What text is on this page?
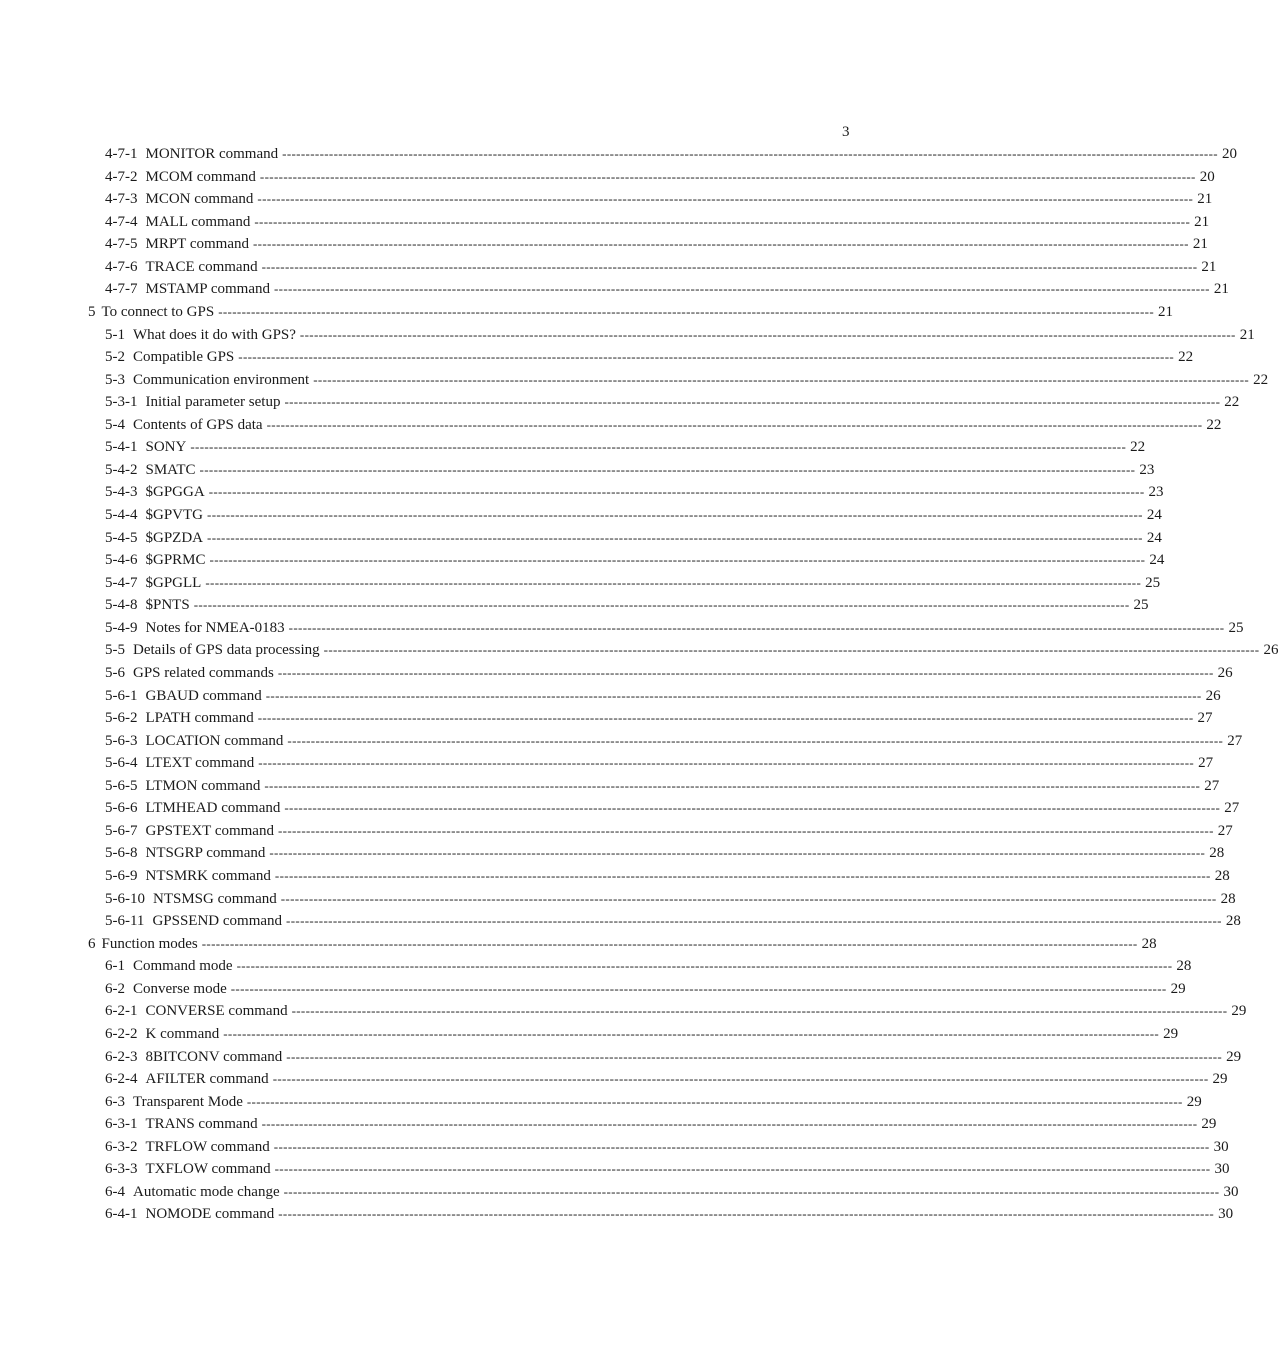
3
4-7-1 MONITOR command -------------------------------------------------------------------------------------------------------------------------------------------------------------------------------------------------------- 20
4-7-2 MCOM command -------------------------------------------------------------------------------------------------------------------------------------------------------------------------------------------------------- 20
4-7-3 MCON command -------------------------------------------------------------------------------------------------------------------------------------------------------------------------------------------------------- 21
4-7-4 MALL command -------------------------------------------------------------------------------------------------------------------------------------------------------------------------------------------------------- 21
4-7-5 MRPT command -------------------------------------------------------------------------------------------------------------------------------------------------------------------------------------------------------- 21
4-7-6 TRACE command -------------------------------------------------------------------------------------------------------------------------------------------------------------------------------------------------------- 21
4-7-7 MSTAMP command -------------------------------------------------------------------------------------------------------------------------------------------------------------------------------------------------------- 21
5 To connect to GPS -------------------------------------------------------------------------------------------------------------------------------------------------------------------------------------------------------- 21
5-1 What does it do with GPS? -------------------------------------------------------------------------------------------------------------------------------------------------------------------------------------------------------- 21
5-2 Compatible GPS -------------------------------------------------------------------------------------------------------------------------------------------------------------------------------------------------------- 22
5-3 Communication environment -------------------------------------------------------------------------------------------------------------------------------------------------------------------------------------------------------- 22
5-3-1 Initial parameter setup -------------------------------------------------------------------------------------------------------------------------------------------------------------------------------------------------------- 22
5-4 Contents of GPS data -------------------------------------------------------------------------------------------------------------------------------------------------------------------------------------------------------- 22
5-4-1 SONY -------------------------------------------------------------------------------------------------------------------------------------------------------------------------------------------------------- 22
5-4-2 SMATC -------------------------------------------------------------------------------------------------------------------------------------------------------------------------------------------------------- 23
5-4-3 $GPGGA -------------------------------------------------------------------------------------------------------------------------------------------------------------------------------------------------------- 23
5-4-4 $GPVTG -------------------------------------------------------------------------------------------------------------------------------------------------------------------------------------------------------- 24
5-4-5 $GPZDA -------------------------------------------------------------------------------------------------------------------------------------------------------------------------------------------------------- 24
5-4-6 $GPRMC -------------------------------------------------------------------------------------------------------------------------------------------------------------------------------------------------------- 24
5-4-7 $GPGLL -------------------------------------------------------------------------------------------------------------------------------------------------------------------------------------------------------- 25
5-4-8 $PNTS -------------------------------------------------------------------------------------------------------------------------------------------------------------------------------------------------------- 25
5-4-9 Notes for NMEA-0183 -------------------------------------------------------------------------------------------------------------------------------------------------------------------------------------------------------- 25
5-5 Details of GPS data processing -------------------------------------------------------------------------------------------------------------------------------------------------------------------------------------------------------- 26
5-6 GPS related commands -------------------------------------------------------------------------------------------------------------------------------------------------------------------------------------------------------- 26
5-6-1 GBAUD command -------------------------------------------------------------------------------------------------------------------------------------------------------------------------------------------------------- 26
5-6-2 LPATH command -------------------------------------------------------------------------------------------------------------------------------------------------------------------------------------------------------- 27
5-6-3 LOCATION command -------------------------------------------------------------------------------------------------------------------------------------------------------------------------------------------------------- 27
5-6-4 LTEXT command -------------------------------------------------------------------------------------------------------------------------------------------------------------------------------------------------------- 27
5-6-5 LTMON command -------------------------------------------------------------------------------------------------------------------------------------------------------------------------------------------------------- 27
5-6-6 LTMHEAD command -------------------------------------------------------------------------------------------------------------------------------------------------------------------------------------------------------- 27
5-6-7 GPSTEXT command -------------------------------------------------------------------------------------------------------------------------------------------------------------------------------------------------------- 27
5-6-8 NTSGRP command -------------------------------------------------------------------------------------------------------------------------------------------------------------------------------------------------------- 28
5-6-9 NTSMRK command -------------------------------------------------------------------------------------------------------------------------------------------------------------------------------------------------------- 28
5-6-10 NTSMSG command -------------------------------------------------------------------------------------------------------------------------------------------------------------------------------------------------------- 28
5-6-11 GPSSEND command -------------------------------------------------------------------------------------------------------------------------------------------------------------------------------------------------------- 28
6 Function modes -------------------------------------------------------------------------------------------------------------------------------------------------------------------------------------------------------- 28
6-1 Command mode -------------------------------------------------------------------------------------------------------------------------------------------------------------------------------------------------------- 28
6-2 Converse mode -------------------------------------------------------------------------------------------------------------------------------------------------------------------------------------------------------- 29
6-2-1 CONVERSE command -------------------------------------------------------------------------------------------------------------------------------------------------------------------------------------------------------- 29
6-2-2 K command -------------------------------------------------------------------------------------------------------------------------------------------------------------------------------------------------------- 29
6-2-3 8BITCONV command -------------------------------------------------------------------------------------------------------------------------------------------------------------------------------------------------------- 29
6-2-4 AFILTER command -------------------------------------------------------------------------------------------------------------------------------------------------------------------------------------------------------- 29
6-3 Transparent Mode -------------------------------------------------------------------------------------------------------------------------------------------------------------------------------------------------------- 29
6-3-1 TRANS command -------------------------------------------------------------------------------------------------------------------------------------------------------------------------------------------------------- 29
6-3-2 TRFLOW command -------------------------------------------------------------------------------------------------------------------------------------------------------------------------------------------------------- 30
6-3-3 TXFLOW command -------------------------------------------------------------------------------------------------------------------------------------------------------------------------------------------------------- 30
6-4 Automatic mode change -------------------------------------------------------------------------------------------------------------------------------------------------------------------------------------------------------- 30
6-4-1 NOMODE command -------------------------------------------------------------------------------------------------------------------------------------------------------------------------------------------------------- 30
